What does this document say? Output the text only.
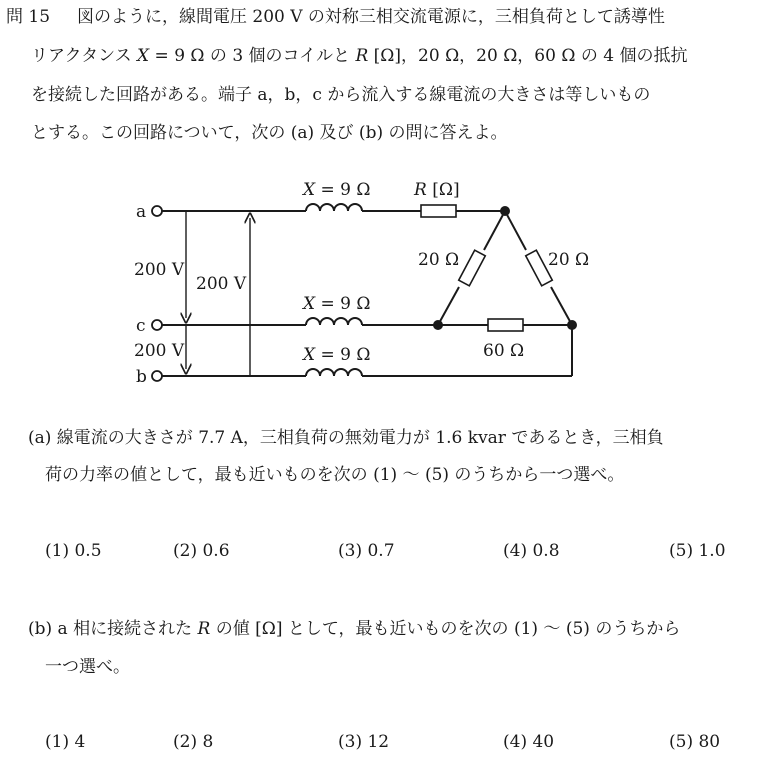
問 15 図のように，線間電圧 200 V の対称三相交流電源に，三相負荷として誘導性
リアクタンス X = 9 Ω の 3 個のコイルと R [Ω]，20 Ω，20 Ω，60 Ω の 4 個の抵抗
を接続した回路がある。端子 a，b，c から流入する線電流の大きさは等しいもの
とする。この回路について，次の (a) 及び (b) の問に答えよ。
a
c
b
X = 9 Ω
X = 9 Ω
X = 9 Ω
R [Ω]
20 Ω	20 Ω
60 Ω
200 V
200 V
200 V
(a) 線電流の大きさが 7.7 A，三相負荷の無効電力が 1.6 kvar であるとき，三相負
荷の力率の値として，最も近いものを次の (1) ～ (5) のうちから一つ選べ。
(1) 0.5	(2) 0.6	(3) 0.7	(4) 0.8	(5) 1.0
(b) a 相に接続された R の値 [Ω] として，最も近いものを次の (1) ～ (5) のうちから
一つ選べ。
(1) 4	(2) 8	(3) 12	(4) 40	(5) 80
